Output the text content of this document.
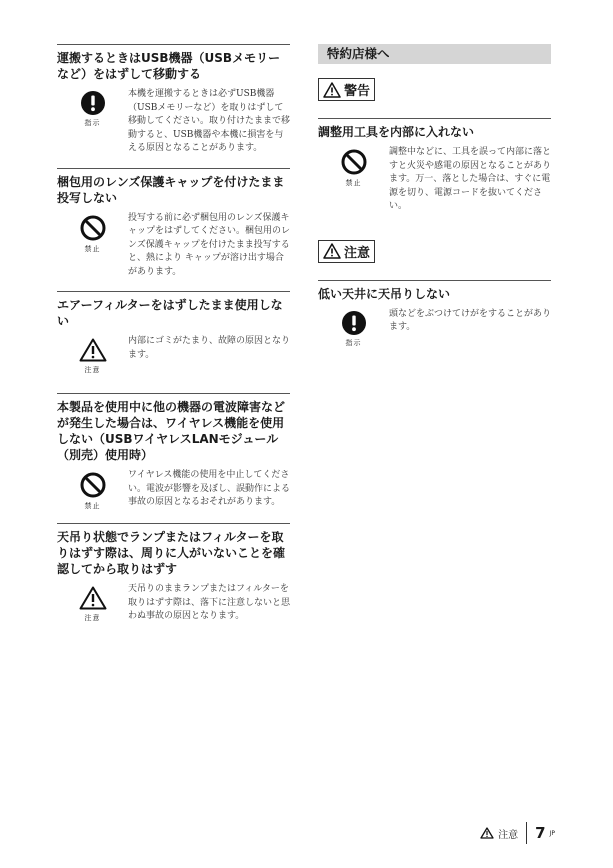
運搬するときはUSB機器（USBメモリーなど）をはずして移動する
指示
本機を運搬するときは必ずUSB機器（USBメモリーなど）を取りはずして移動してください。取り付けたままで移動すると、USB機器や本機に損害を与える原因となることがあります。
梱包用のレンズ保護キャップを付けたまま投写しない
禁止
投写する前に必ず梱包用のレンズ保護キャップをはずしてください。梱包用のレンズ保護キャップを付けたまま投写すると、熱により キャップが溶け出す場合があります。
エアーフィルターをはずしたまま使用しない
注意
内部にゴミがたまり、故障の原因となります。
本製品を使用中に他の機器の電波障害などが発生した場合は、ワイヤレス機能を使用しない（USBワイヤレスLANモジュール（別売）使用時）
禁止
ワイヤレス機能の使用を中止してください。電波が影響を及ぼし、誤動作による事故の原因となるおそれがあります。
天吊り状態でランプまたはフィルターを取りはずす際は、周りに人がいないことを確認してから取りはずす
注意
天吊りのままランプまたはフィルターを取りはずす際は、落下に注意しないと思わぬ事故の原因となります。
特約店様へ
警告
調整用工具を内部に入れない
禁止
調整中などに、工具を誤って内部に落とすと火災や感電の原因となることがあります。万一、落とした場合は、すぐに電源を切り、電源コードを抜いてください。
注意
低い天井に天吊りしない
指示
頭などをぶつけてけがをすることがあります。
注意 7 JP
